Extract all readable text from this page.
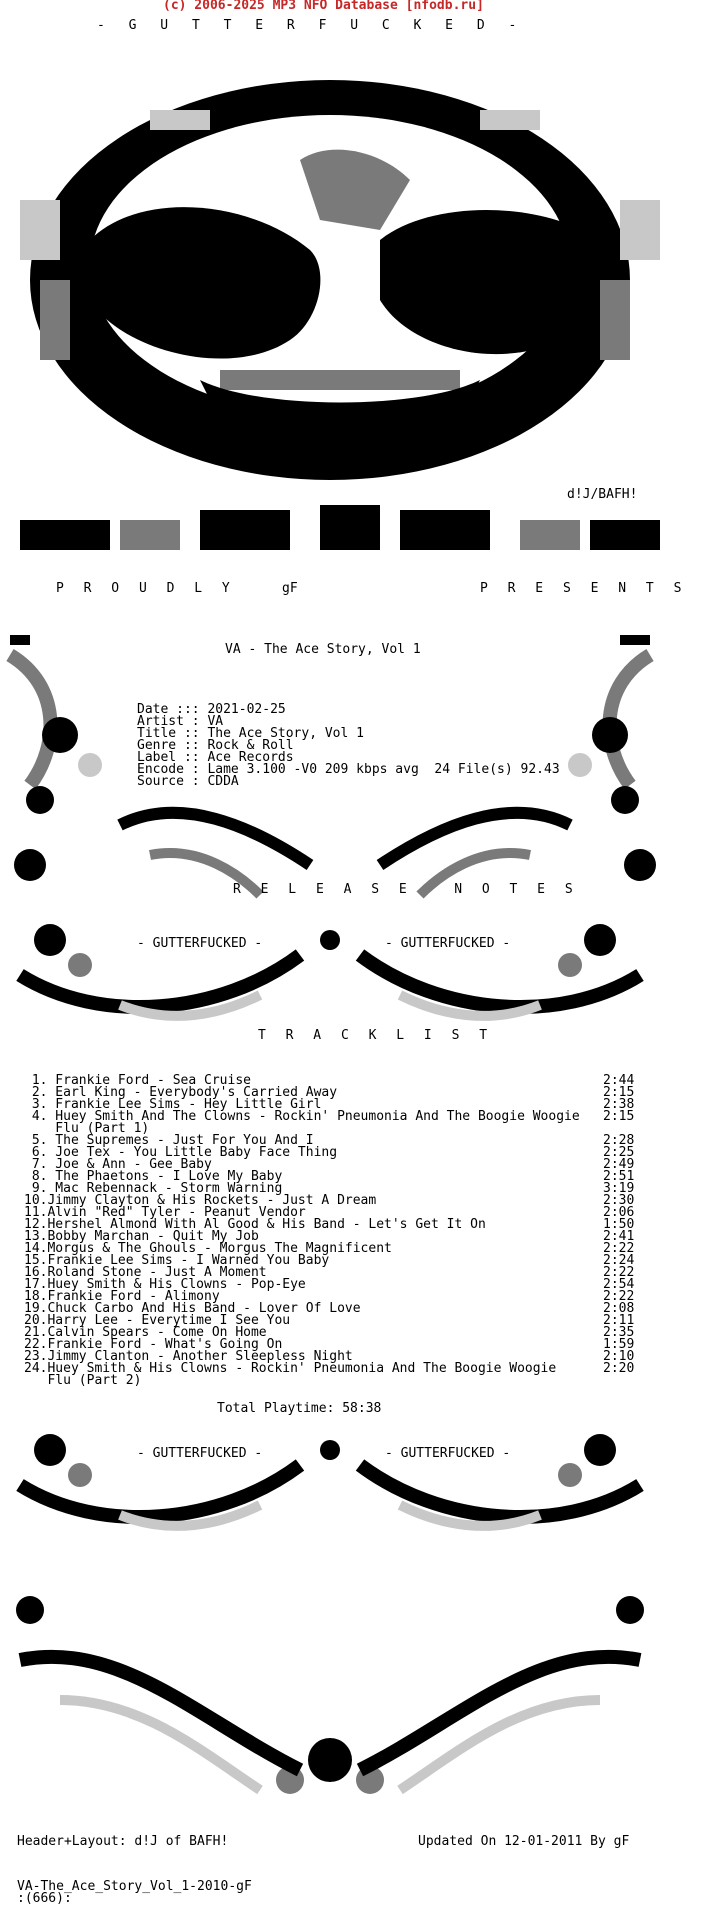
(c) 2006-2025 MP3 NFO Database [nfodb.ru]
- G U T T E R F U C K E D -
d!J/BAFH!
P R O U D L Y	gF	P R E S E N T S
VA - The Ace Story, Vol 1
Date ::: 2021-02-25
Artist : VA
Title :: The Ace Story, Vol 1
Genre :: Rock & Roll
Label :: Ace Records
Encode : Lame 3.100 -V0 209 kbps avg  24 File(s) 92.43
Source : CDDA
R E L E A S E   N O T E S
- GUTTERFUCKED -	- GUTTERFUCKED -
T R A C K L I S T
1. Frankie Ford - Sea Cruise	2:44
2. Earl King - Everybody's Carried Away	2:15
3. Frankie Lee Sims - Hey Little Girl	2:38
4. Huey Smith And The Clowns - Rockin' Pneumonia And The Boogie Woogie 2:15
Flu (Part 1)
5. The Supremes - Just For You And I	2:28
6. Joe Tex - You Little Baby Face Thing	2:25
7. Joe & Ann - Gee Baby	2:49
8. The Phaetons - I Love My Baby	2:51
9. Mac Rebennack - Storm Warning	3:19
10.Jimmy Clayton & His Rockets - Just A Dream	2:30
11.Alvin "Red" Tyler - Peanut Vendor	2:06
12.Hershel Almond With Al Good & His Band - Let's Get It On	1:50
13.Bobby Marchan - Quit My Job	2:41
14.Morgus & The Ghouls - Morgus The Magnificent	2:22
15.Frankie Lee Sims - I Warned You Baby	2:24
16.Roland Stone - Just A Moment	2:22
17.Huey Smith & His Clowns - Pop-Eye	2:54
18.Frankie Ford - Alimony	2:22
19.Chuck Carbo And His Band - Lover Of Love	2:08
20.Harry Lee - Everytime I See You	2:11
21.Calvin Spears - Come On Home	2:35
22.Frankie Ford - What's Going On	1:59
23.Jimmy Clanton - Another Sleepless Night	2:10
24.Huey Smith & His Clowns - Rockin' Pneumonia And The Boogie Woogie	2:20
Flu (Part 2)
Total Playtime: 58:38
- GUTTERFUCKED -	- GUTTERFUCKED -
Header+Layout: d!J of BAFH!	Updated On 12-01-2011 By gF
VA-The_Ace_Story_Vol_1-2010-gF
:(666):
